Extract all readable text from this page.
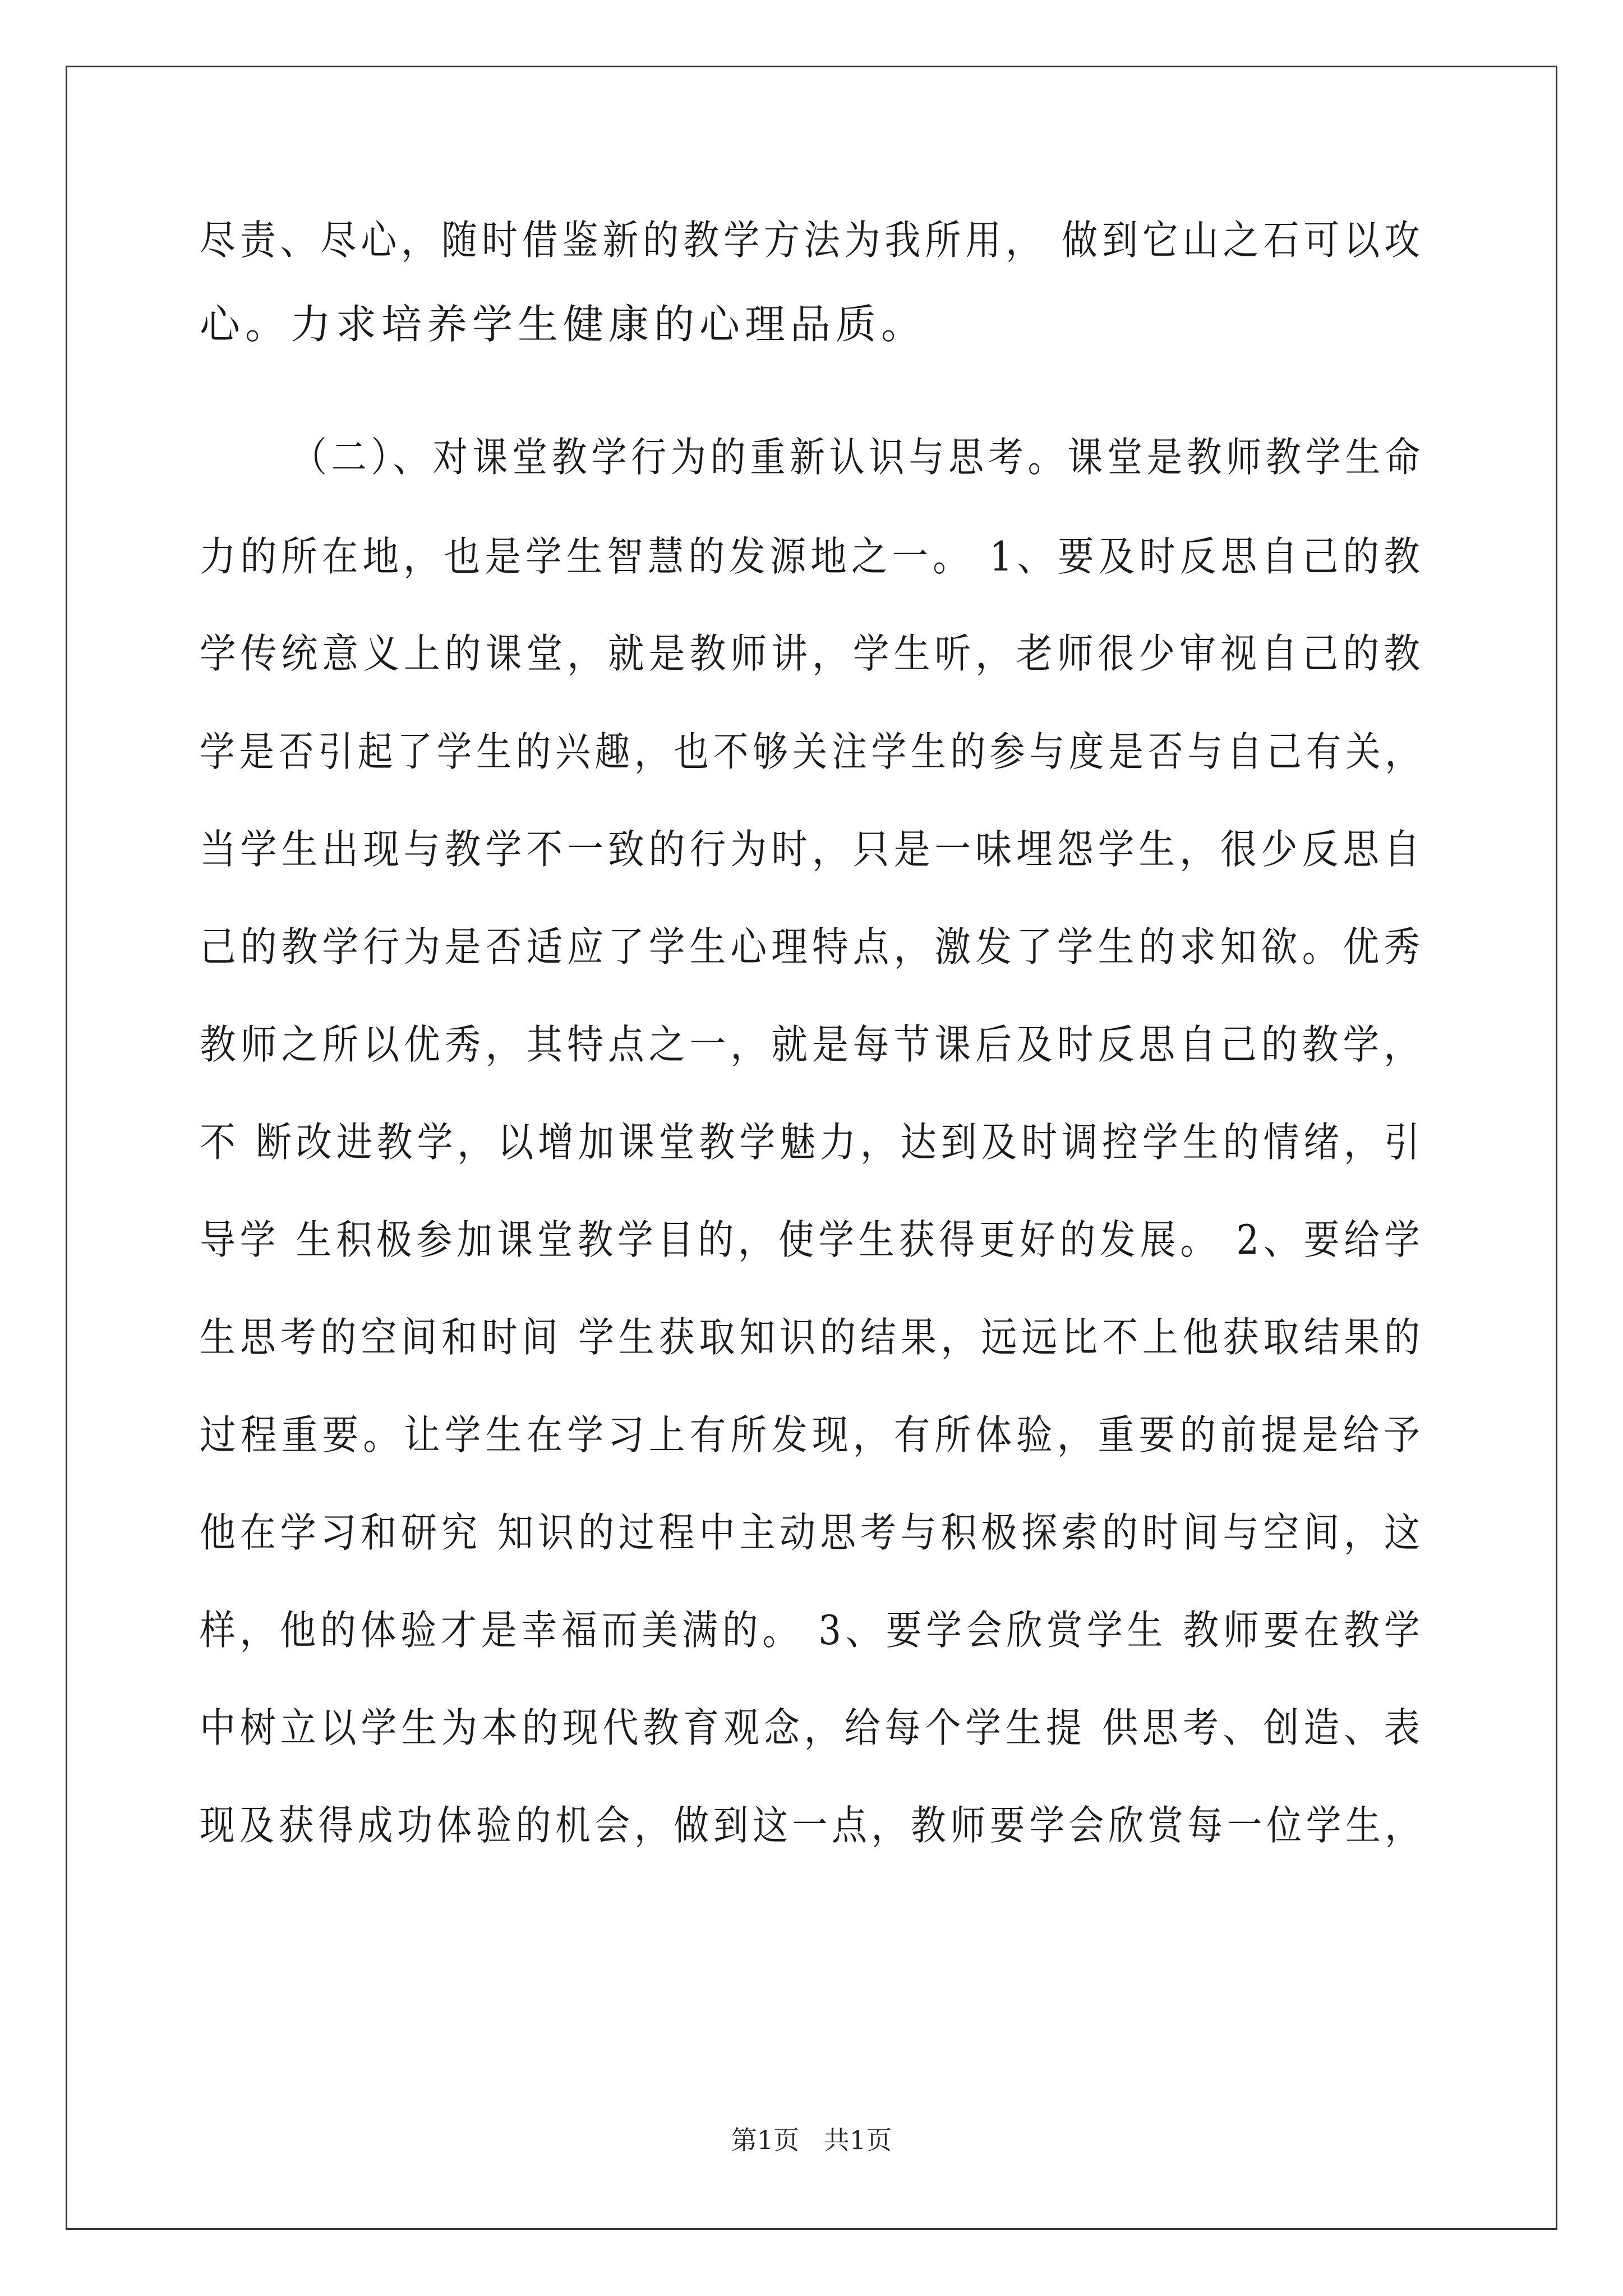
尽责、尽心，随时借鉴新的教学方法为我所用， 做到它山之石可以攻
心。力求培养学生健康的心理品质。
（二）、对课堂教学行为的重新认识与思考。课堂是教师教学生命
力的所在地，也是学生智慧的发源地之一。 1、要及时反思自己的教
学传统意义上的课堂，就是教师讲，学生听，老师很少审视自己的教
学是否引起了学生的兴趣，也不够关注学生的参与度是否与自己有关，
当学生出现与教学不一致的行为时，只是一味埋怨学生，很少反思自
己的教学行为是否适应了学生心理特点，激发了学生的求知欲。优秀
教师之所以优秀，其特点之一，就是每节课后及时反思自己的教学，
不 断改进教学，以增加课堂教学魅力，达到及时调控学生的情绪，引
导学 生积极参加课堂教学目的，使学生获得更好的发展。 2、要给学
生思考的空间和时间 学生获取知识的结果，远远比不上他获取结果的
过程重要。让学生在学习上有所发现，有所体验，重要的前提是给予
他在学习和研究 知识的过程中主动思考与积极探索的时间与空间，这
样，他的体验才是幸福而美满的。 3、要学会欣赏学生 教师要在教学
中树立以学生为本的现代教育观念，给每个学生提 供思考、创造、表
现及获得成功体验的机会，做到这一点，教师要学会欣赏每一位学生，
第1页   共1页
